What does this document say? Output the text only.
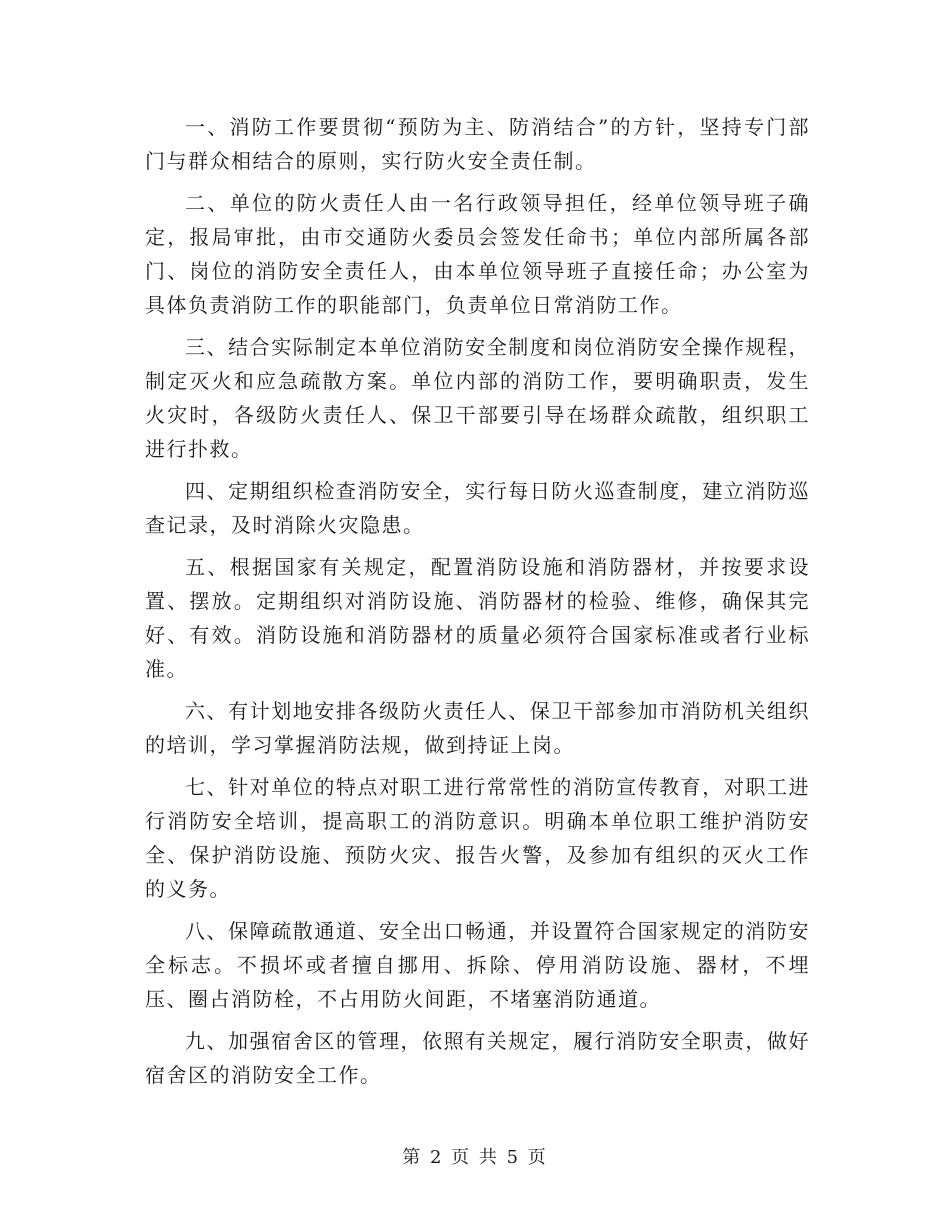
一、消防工作要贯彻“预防为主、防消结合”的方针，坚持专门部门与群众相结合的原则，实行防火安全责任制。

二、单位的防火责任人由一名行政领导担任，经单位领导班子确定，报局审批，由市交通防火委员会签发任命书；单位内部所属各部门、岗位的消防安全责任人，由本单位领导班子直接任命；办公室为具体负责消防工作的职能部门，负责单位日常消防工作。

三、结合实际制定本单位消防安全制度和岗位消防安全操作规程，制定灭火和应急疏散方案。单位内部的消防工作，要明确职责，发生火灾时，各级防火责任人、保卫干部要引导在场群众疏散，组织职工进行扑救。

四、定期组织检查消防安全，实行每日防火巡查制度，建立消防巡查记录，及时消除火灾隐患。

五、根据国家有关规定，配置消防设施和消防器材，并按要求设置、摆放。定期组织对消防设施、消防器材的检验、维修，确保其完好、有效。消防设施和消防器材的质量必须符合国家标准或者行业标准。

六、有计划地安排各级防火责任人、保卫干部参加市消防机关组织的培训，学习掌握消防法规，做到持证上岗。

七、针对单位的特点对职工进行常常性的消防宣传教育，对职工进行消防安全培训，提高职工的消防意识。明确本单位职工维护消防安全、保护消防设施、预防火灾、报告火警，及参加有组织的灭火工作的义务。

八、保障疏散通道、安全出口畅通，并设置符合国家规定的消防安全标志。不损坏或者擅自挪用、拆除、停用消防设施、器材，不埋压、圈占消防栓，不占用防火间距，不堵塞消防通道。

九、加强宿舍区的管理，依照有关规定，履行消防安全职责，做好宿舍区的消防安全工作。

第 2 页 共 5 页
